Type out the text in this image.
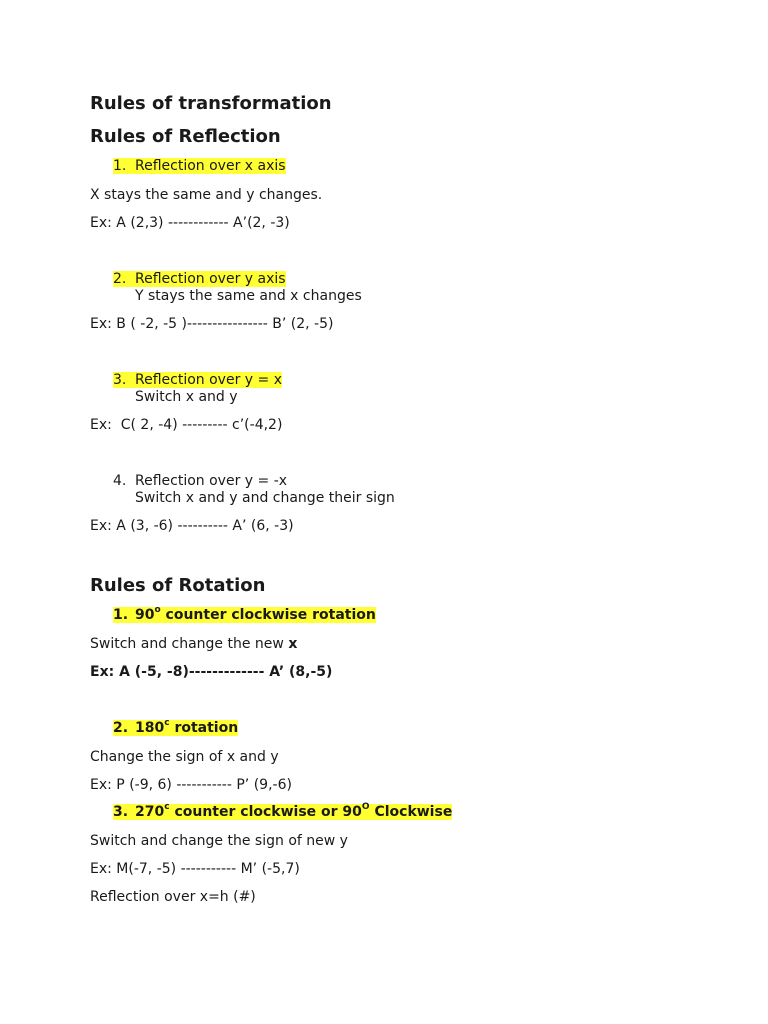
Rules of transformation
Rules of Reflection
1. Reflection over x axis
X stays the same and y changes.
Ex: A (2,3) ------------ A’(2, -3)
2. Reflection over y axis
Y stays the same and x changes
Ex: B ( -2, -5 )---------------- B’ (2, -5)
3. Reflection over y = x
Switch x and y
Ex:  C( 2, -4) --------- c’(-4,2)
4. Reflection over y = -x
Switch x and y and change their sign
Ex: A (3, -6) ---------- A’ (6, -3)
Rules of Rotation
1. 90$^o$ counter clockwise rotation
Switch and change the new x
Ex: A (-5, -8)------------- A’ (8,-5)
2. 180$^c$ rotation
Change the sign of x and y
Ex: P (-9, 6) ----------- P’ (9,-6)
3. 270$^c$ counter clockwise or $90^O$ Clockwise
Switch and change the sign of new y
Ex: M(-7, -5) ----------- M’ (-5,7)
Reflection over x=h (#)
